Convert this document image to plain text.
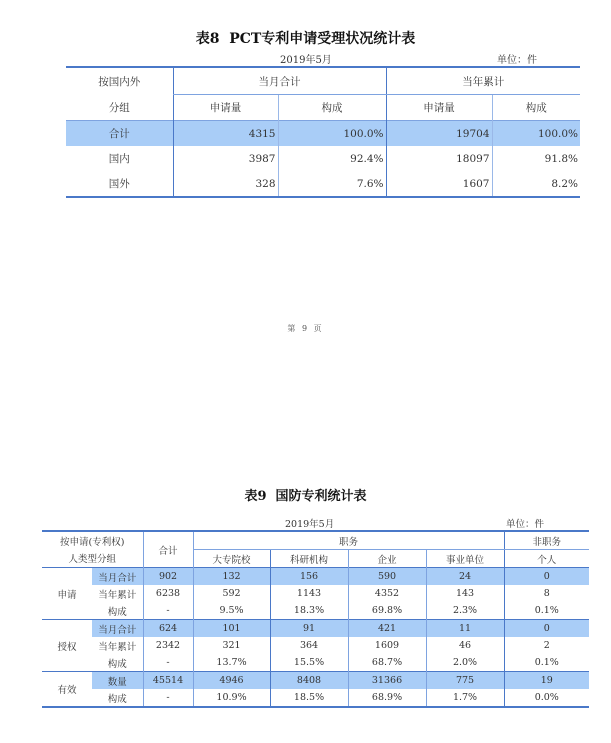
表8  PCT专利申请受理状况统计表
2019年5月	单位：件
按国内外	当月合计		当年累计	
分组	申请量	构成	申请量	构成
合计	4315	100.0%	19704	100.0%
国内	3987	92.4%	18097	91.8%
国外	328	7.6%	1607	8.2%
第 9 页
表9  国防专利统计表
2019年5月	单位：件
按申请(专利权)		合计	职务				非职务
人类型分组			大专院校	科研机构	企业	事业单位	个人
申请	当月合计	902	132	156	590	24	0
	当年累计	6238	592	1143	4352	143	8
	构成	-	9.5%	18.3%	69.8%	2.3%	0.1%
授权	当月合计	624	101	91	421	11	0
	当年累计	2342	321	364	1609	46	2
	构成	-	13.7%	15.5%	68.7%	2.0%	0.1%
有效	数量	45514	4946	8408	31366	775	19
	构成	-	10.9%	18.5%	68.9%	1.7%	0.0%
